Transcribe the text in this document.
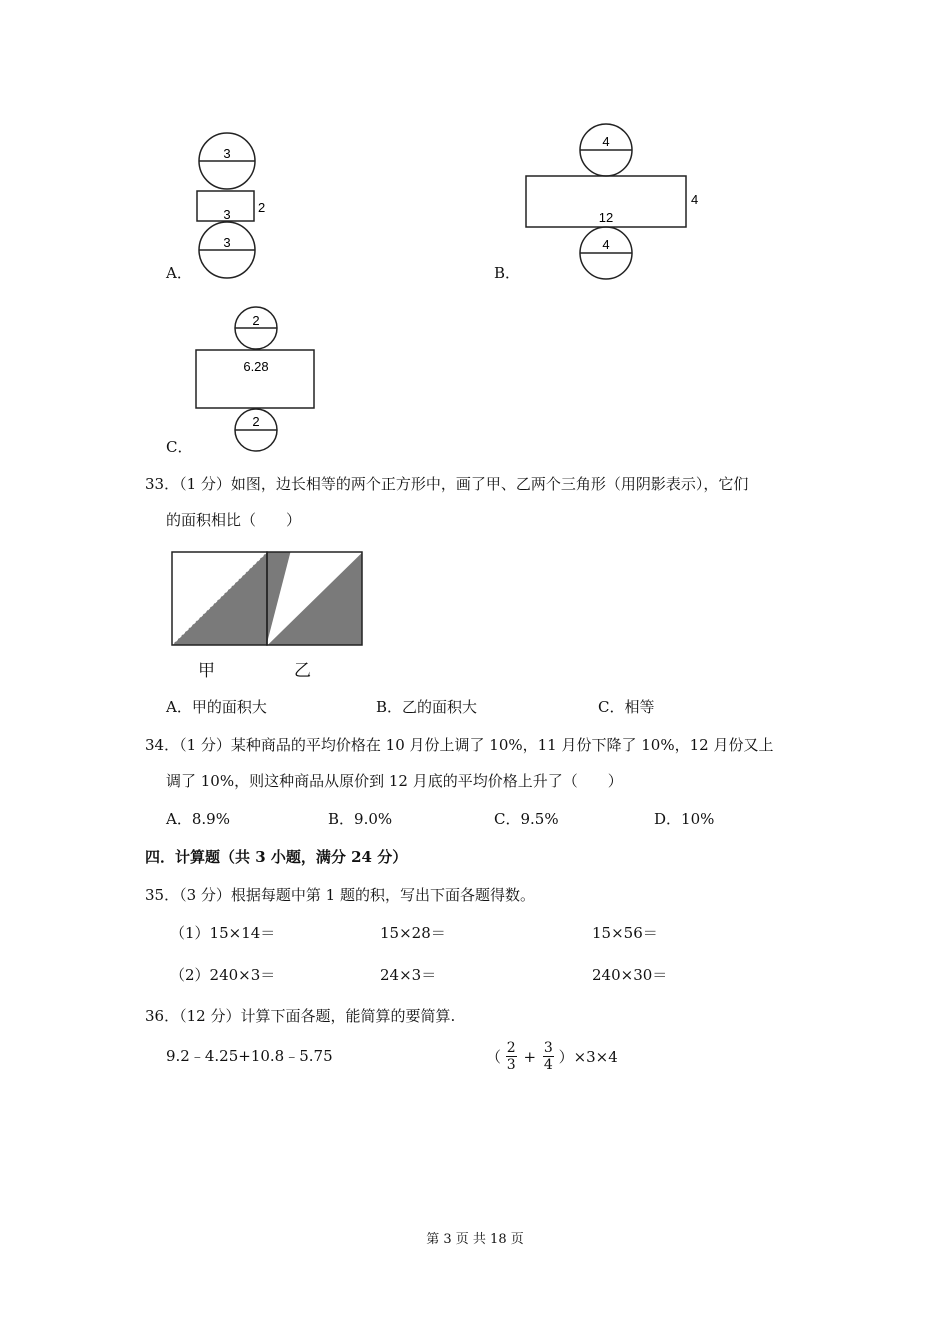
3
3 2
3
A．
4
12
4
4
B．
2
6.28
2
C．
33．（1 分）如图，边长相等的两个正方形中，画了甲、乙两个三角形（用阴影表示），它们
的面积相比（　　）
甲	乙
A．甲的面积大	B．乙的面积大	C．相等
34．（1 分）某种商品的平均价格在 10 月份上调了 10%，11 月份下降了 10%，12 月份又上
调了 10%，则这种商品从原价到 12 月底的平均价格上升了（　　）
A．8.9%	B．9.0%	C．9.5%	D．10%
四．计算题（共 3 小题，满分 24 分）
35．（3 分）根据每题中第 1 题的积，写出下面各题得数。
（1）15×14＝	15×28＝	15×56＝
（2）240×3＝	24×3＝	240×30＝
36．（12 分）计算下面各题，能简算的要简算.
9.2﹣4.25+10.8﹣5.75	（ $\frac{2}{3} + \frac{3}{4} )\times 3\times 4$
第 3 页 共 18 页
